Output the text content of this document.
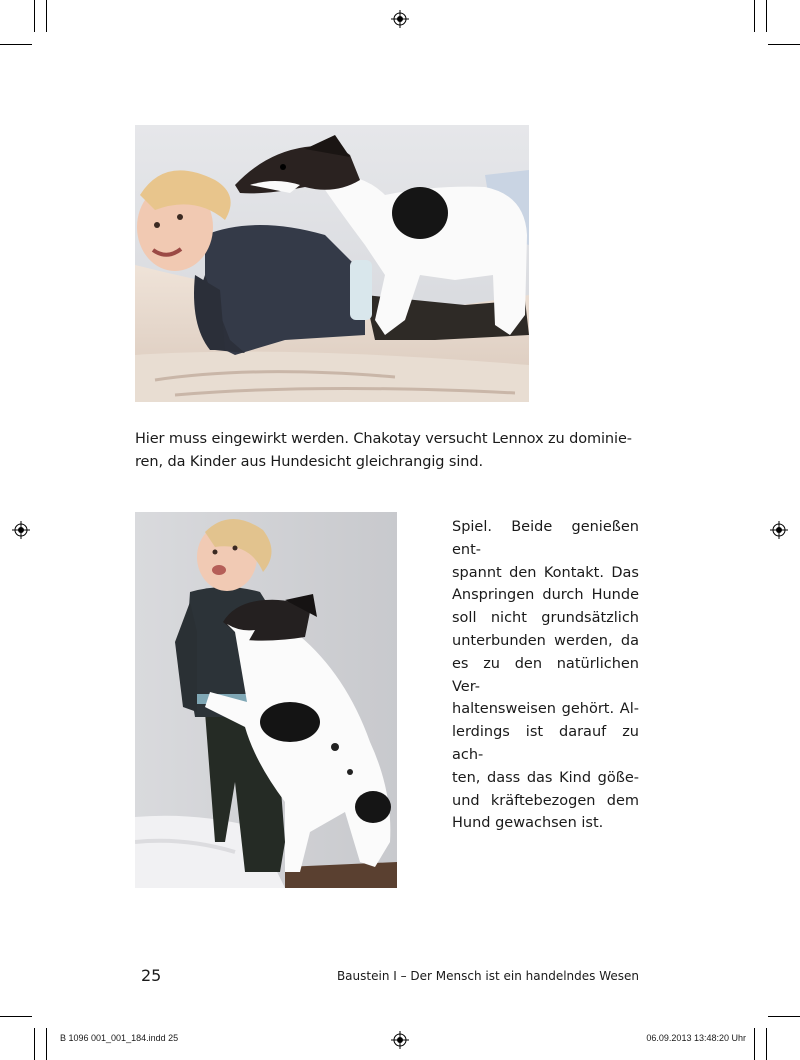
Hier muss eingewirkt werden. Chakotay versucht Lennox zu dominie-
ren, da Kinder aus Hundesicht gleichrangig sind.
Spiel. Beide genießen ent-
spannt den Kontakt. Das
Anspringen durch Hunde
soll nicht grundsätzlich
unterbunden werden, da
es zu den natürlichen Ver-
haltensweisen gehört. Al-
lerdings ist darauf zu ach-
ten, dass das Kind göße-
und kräftebezogen dem
Hund gewachsen ist.
25	Baustein I – Der Mensch ist ein handelndes Wesen
B 1096 001_001_184.indd 25	06.09.2013 13:48:20 Uhr
